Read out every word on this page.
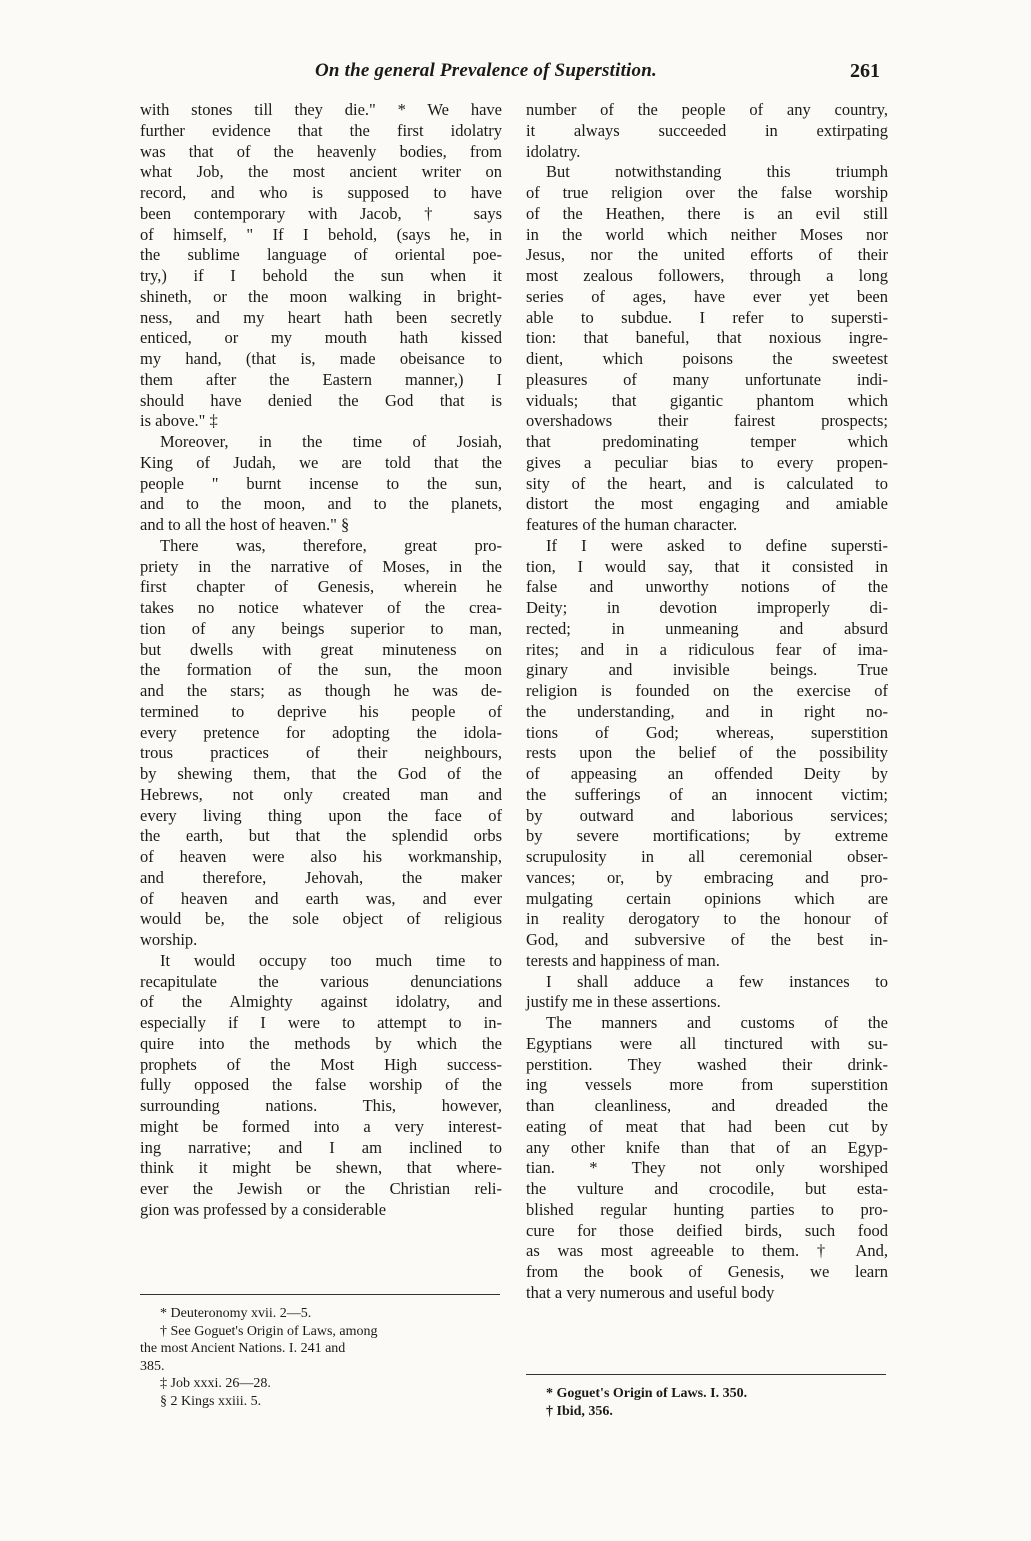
On the general Prevalence of Superstition.	261

with stones till they die." * We have
further evidence that the first idolatry
was that of the heavenly bodies, from
what Job, the most ancient writer on
record, and who is supposed to have
been contemporary with Jacob, † says
of himself, " If I behold, (says he, in
the sublime language of oriental poe-
try,) if I behold the sun when it
shineth, or the moon walking in bright-
ness, and my heart hath been secretly
enticed, or my mouth hath kissed
my hand, (that is, made obeisance to
them after the Eastern manner,) I
should have denied the God that is
is above." ‡

Moreover, in the time of Josiah,
King of Judah, we are told that the
people " burnt incense to the sun,
and to the moon, and to the planets,
and to all the host of heaven." §

There was, therefore, great pro-
priety in the narrative of Moses, in the
first chapter of Genesis, wherein he
takes no notice whatever of the crea-
tion of any beings superior to man,
but dwells with great minuteness on
the formation of the sun, the moon
and the stars; as though he was de-
termined to deprive his people of
every pretence for adopting the idola-
trous practices of their neighbours,
by shewing them, that the God of the
Hebrews, not only created man and
every living thing upon the face of
the earth, but that the splendid orbs
of heaven were also his workmanship,
and therefore, Jehovah, the maker
of heaven and earth was, and ever
would be, the sole object of religious
worship.

It would occupy too much time to
recapitulate the various denunciations
of the Almighty against idolatry, and
especially if I were to attempt to in-
quire into the methods by which the
prophets of the Most High success-
fully opposed the false worship of the
surrounding nations. This, however,
might be formed into a very interest-
ing narrative; and I am inclined to
think it might be shewn, that where-
ever the Jewish or the Christian reli-
gion was professed by a considerable

number of the people of any country,
it always succeeded in extirpating
idolatry.

But notwithstanding this triumph
of true religion over the false worship
of the Heathen, there is an evil still
in the world which neither Moses nor
Jesus, nor the united efforts of their
most zealous followers, through a long
series of ages, have ever yet been
able to subdue. I refer to supersti-
tion: that baneful, that noxious ingre-
dient, which poisons the sweetest
pleasures of many unfortunate indi-
viduals; that gigantic phantom which
overshadows their fairest prospects;
that predominating temper which
gives a peculiar bias to every propen-
sity of the heart, and is calculated to
distort the most engaging and amiable
features of the human character.

If I were asked to define supersti-
tion, I would say, that it consisted in
false and unworthy notions of the
Deity; in devotion improperly di-
rected; in unmeaning and absurd
rites; and in a ridiculous fear of ima-
ginary and invisible beings. True
religion is founded on the exercise of
the understanding, and in right no-
tions of God; whereas, superstition
rests upon the belief of the possibility
of appeasing an offended Deity by
the sufferings of an innocent victim;
by outward and laborious services;
by severe mortifications; by extreme
scrupulosity in all ceremonial obser-
vances; or, by embracing and pro-
mulgating certain opinions which are
in reality derogatory to the honour of
God, and subversive of the best in-
terests and happiness of man.

I shall adduce a few instances to
justify me in these assertions.

The manners and customs of the
Egyptians were all tinctured with su-
perstition. They washed their drink-
ing vessels more from superstition
than cleanliness, and dreaded the
eating of meat that had been cut by
any other knife than that of an Egyp-
tian. * They not only worshiped
the vulture and crocodile, but esta-
blished regular hunting parties to pro-
cure for those deified birds, such food
as was most agreeable to them. † And,
from the book of Genesis, we learn
that a very numerous and useful body

* Deuteronomy xvii. 2—5.
† See Goguet's Origin of Laws, among
the most Ancient Nations. I. 241 and
385.
‡ Job xxxi. 26—28.
§ 2 Kings xxiii. 5.	* Goguet's Origin of Laws. I. 350.
† Ibid, 356.
